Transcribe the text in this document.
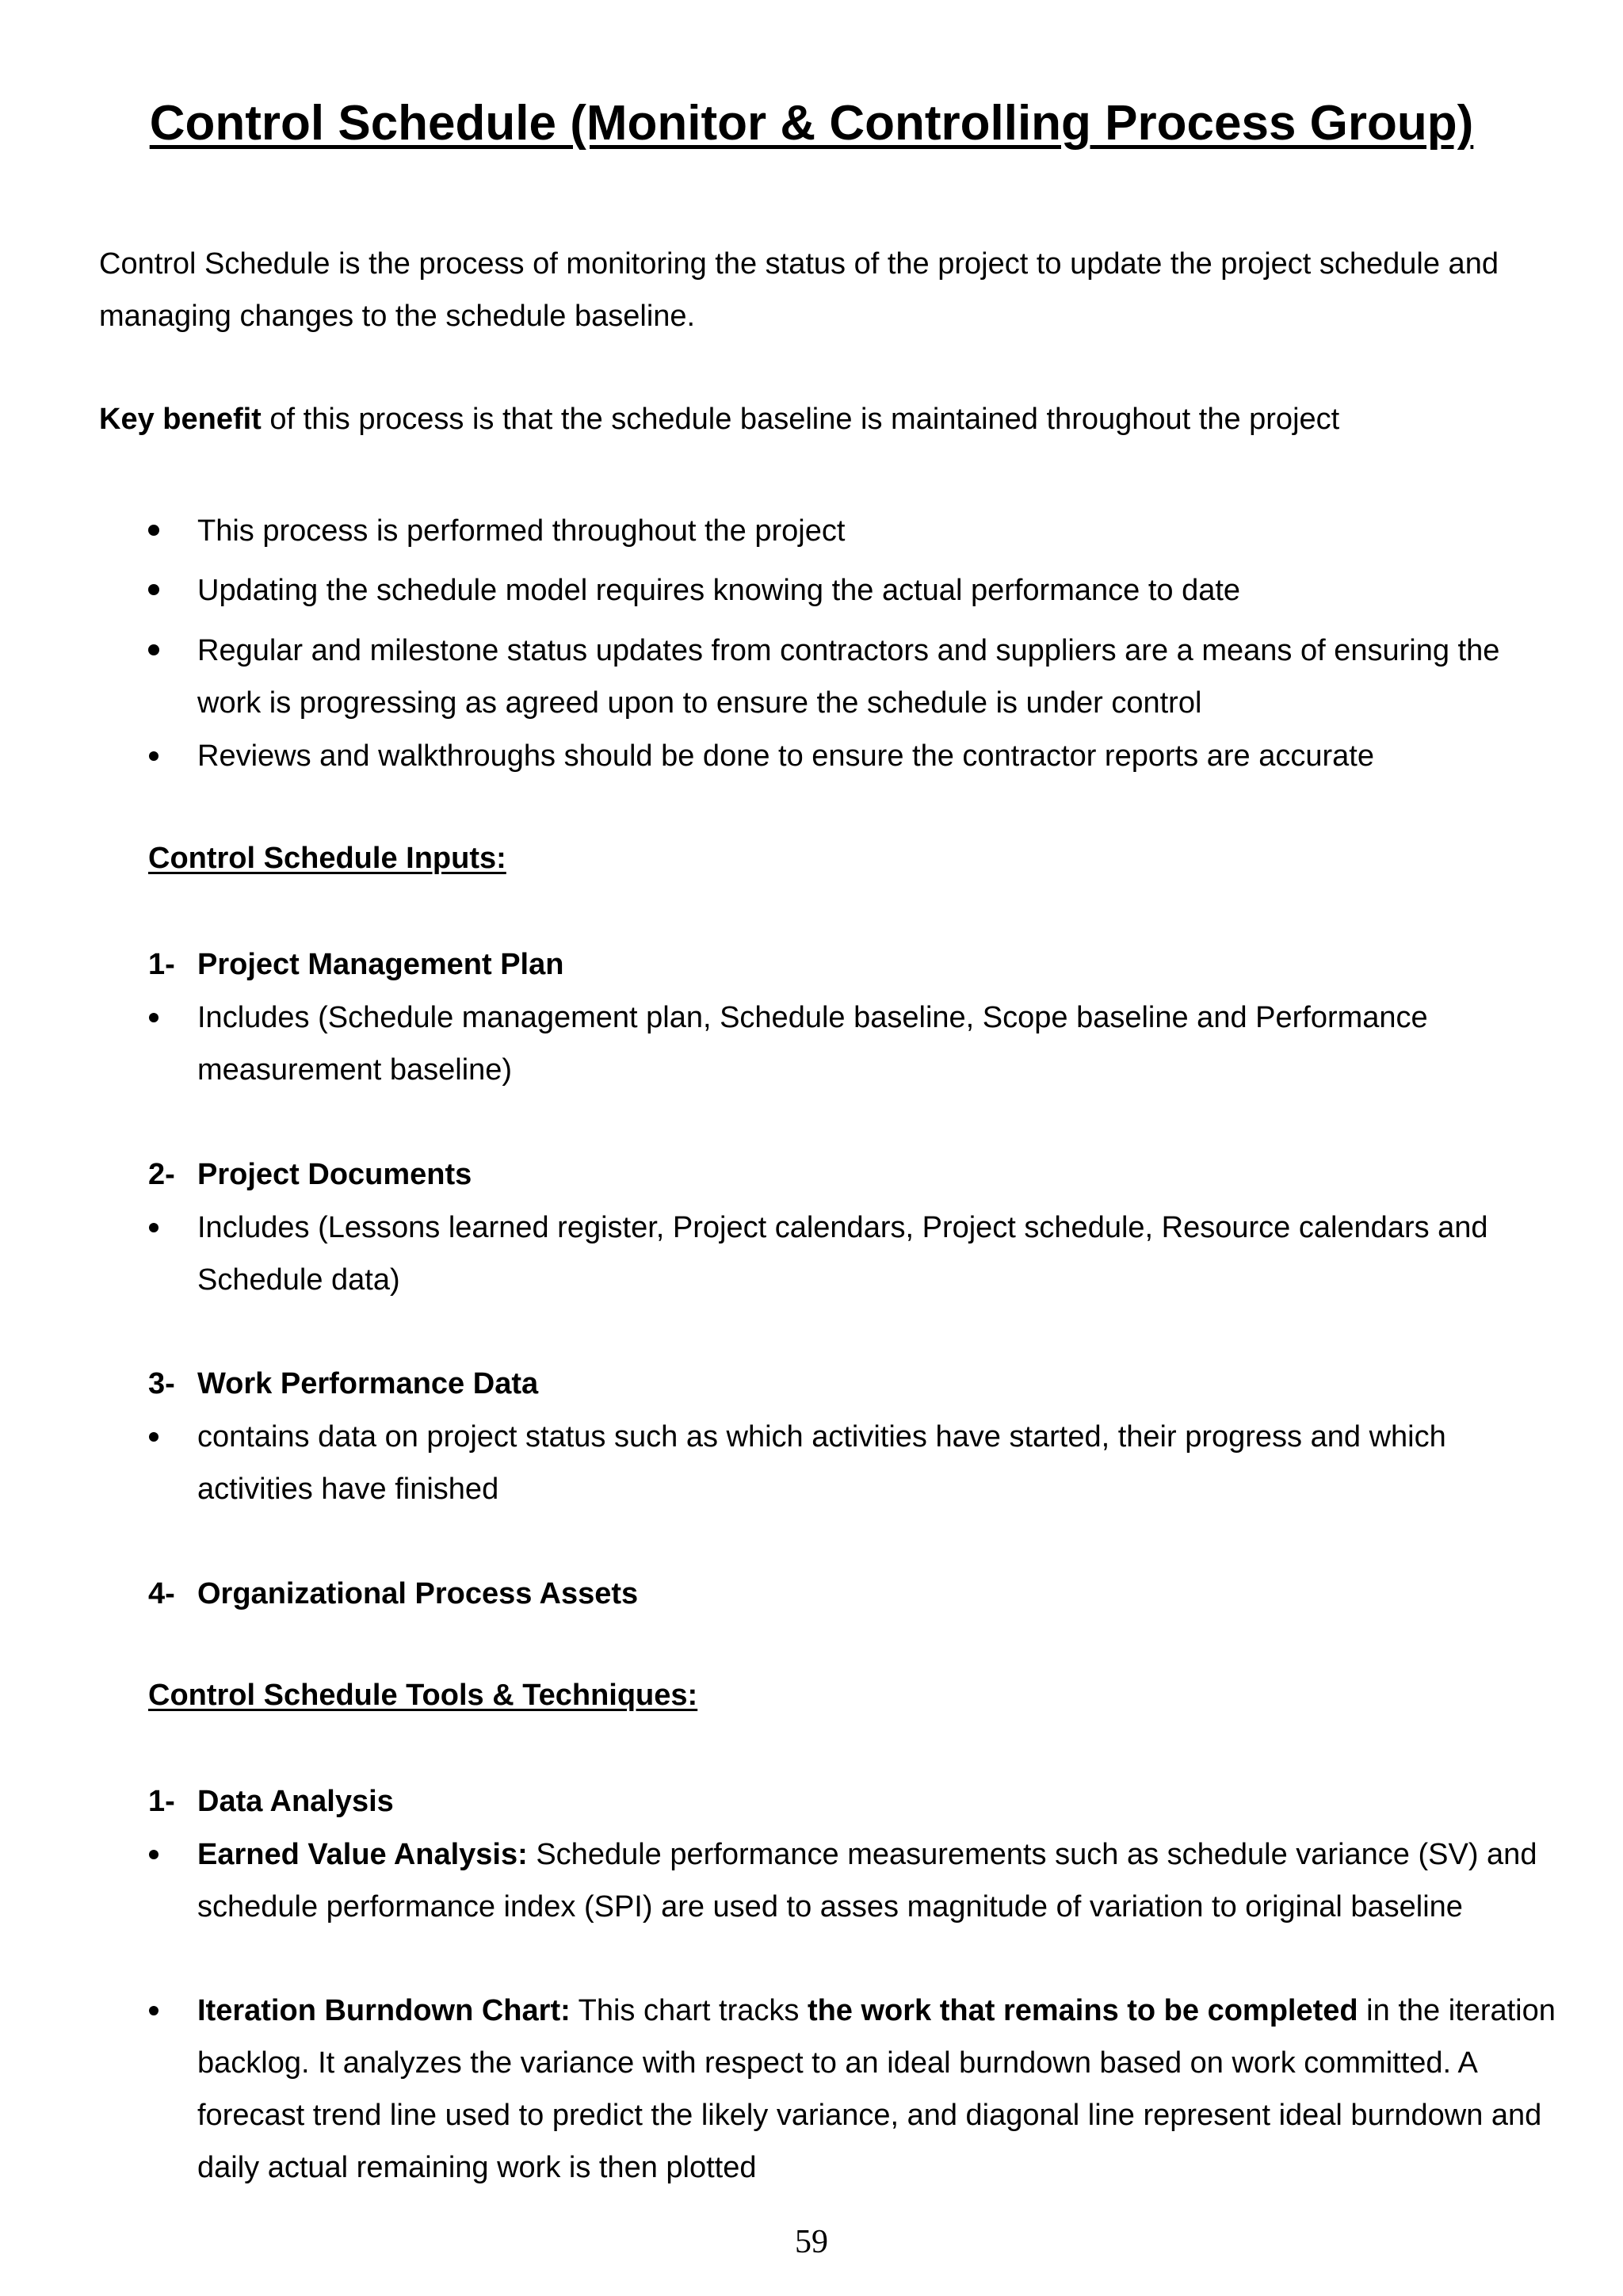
Control Schedule (Monitor & Controlling Process Group)

Control Schedule is the process of monitoring the status of the project to update the project schedule and managing changes to the schedule baseline.

Key benefit of this process is that the schedule baseline is maintained throughout the project

This process is performed throughout the project

Updating the schedule model requires knowing the actual performance to date

Regular and milestone status updates from contractors and suppliers are a means of ensuring the work is progressing as agreed upon to ensure the schedule is under control

Reviews and walkthroughs should be done to ensure the contractor reports are accurate

Control Schedule Inputs:

1- Project Management Plan

Includes (Schedule management plan, Schedule baseline, Scope baseline and Performance measurement baseline)

2- Project Documents

Includes (Lessons learned register, Project calendars, Project schedule, Resource calendars and Schedule data)

3- Work Performance Data

contains data on project status such as which activities have started, their progress and which activities have finished

4- Organizational Process Assets

Control Schedule Tools & Techniques:

1- Data Analysis

Earned Value Analysis: Schedule performance measurements such as schedule variance (SV) and schedule performance index (SPI) are used to asses magnitude of variation to original baseline

Iteration Burndown Chart: This chart tracks the work that remains to be completed in the iteration backlog. It analyzes the variance with respect to an ideal burndown based on work committed. A forecast trend line used to predict the likely variance, and diagonal line represent ideal burndown and daily actual remaining work is then plotted

59
